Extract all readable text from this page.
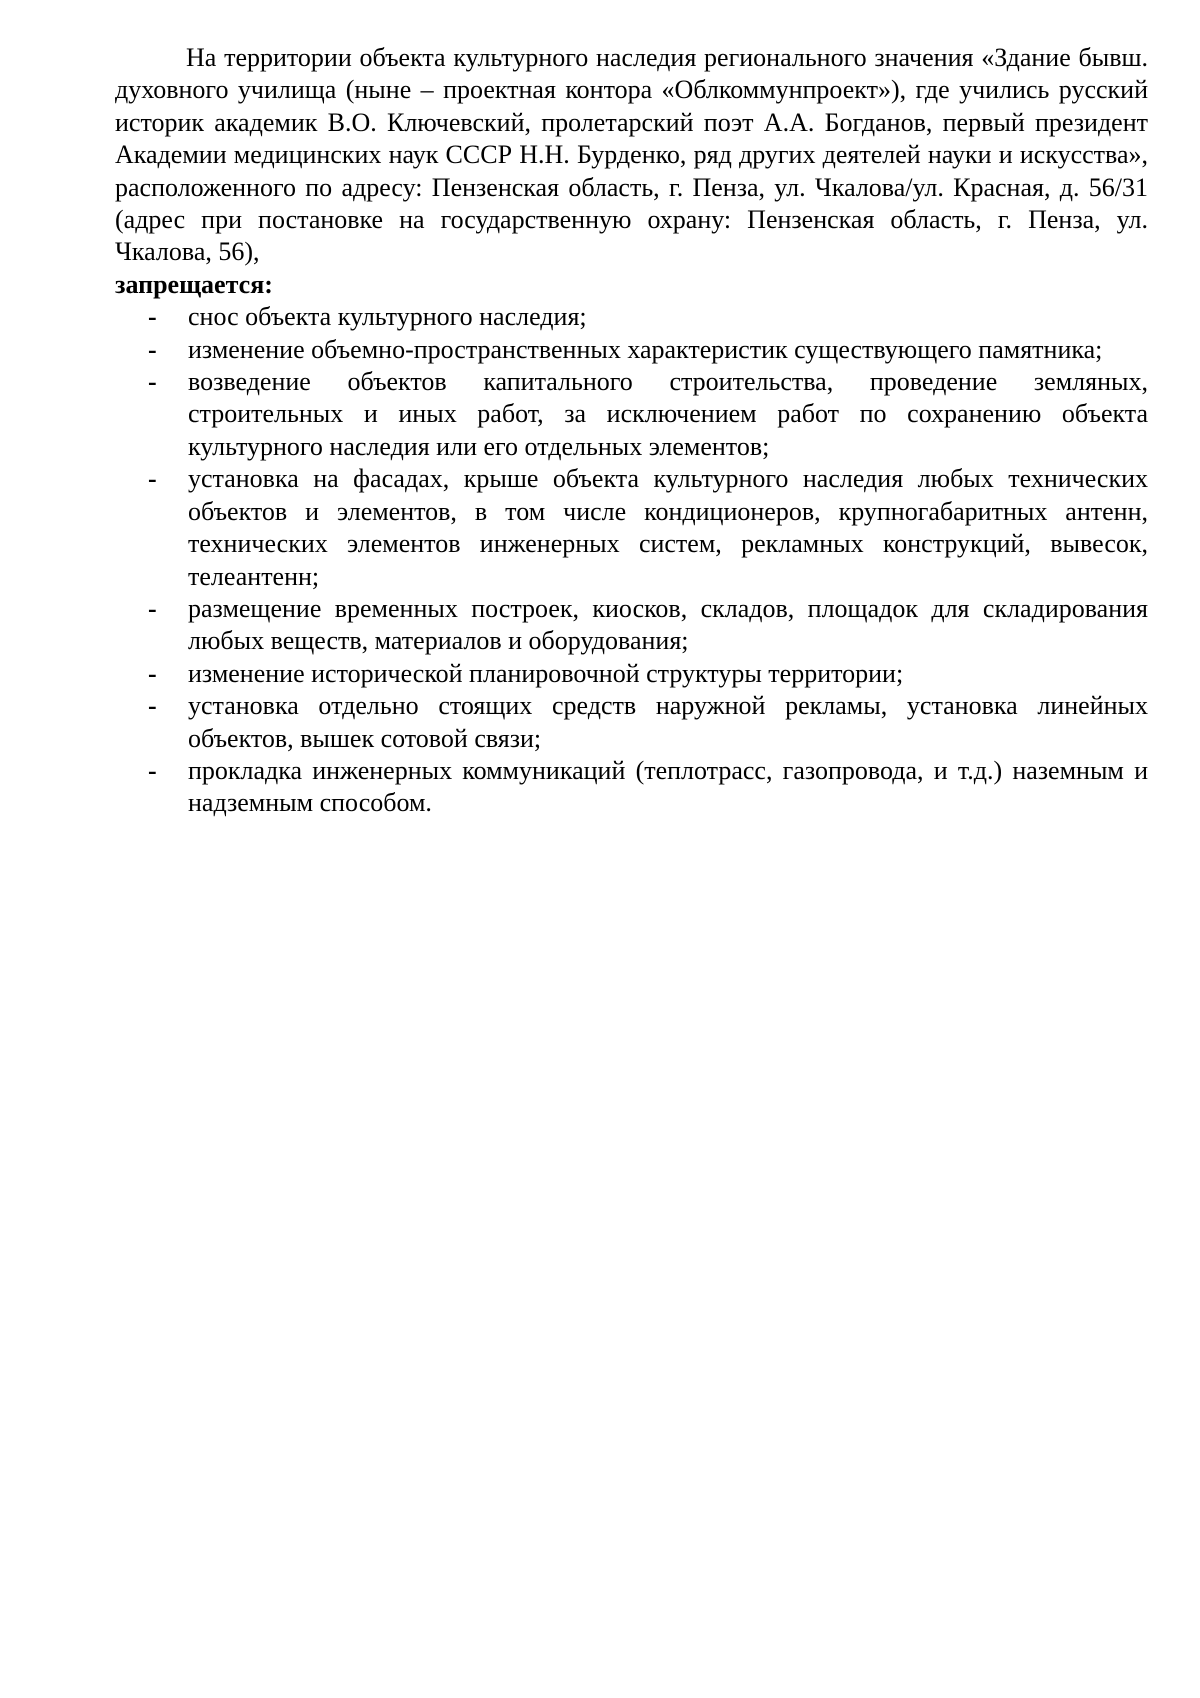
На территории объекта культурного наследия регионального значения «Здание бывш. духовного училища (ныне – проектная контора «Облкоммунпроект»), где учились русский историк академик В.О. Ключевский, пролетарский поэт А.А. Богданов, первый президент Академии медицинских наук СССР Н.Н. Бурденко, ряд других деятелей науки и искусства», расположенного по адресу: Пензенская область, г. Пенза, ул. Чкалова/ул. Красная, д. 56/31 (адрес при постановке на государственную охрану: Пензенская область, г. Пенза, ул. Чкалова, 56),

запрещается:

- снос объекта культурного наследия;
- изменение объемно-пространственных характеристик существующего памятника;
- возведение объектов капитального строительства, проведение земляных, строительных и иных работ, за исключением работ по сохранению объекта культурного наследия или его отдельных элементов;
- установка на фасадах, крыше объекта культурного наследия любых технических объектов и элементов, в том числе кондиционеров, крупногабаритных антенн, технических элементов инженерных систем, рекламных конструкций, вывесок, телеантенн;
- размещение временных построек, киосков, складов, площадок для складирования любых веществ, материалов и оборудования;
- изменение исторической планировочной структуры территории;
- установка отдельно стоящих средств наружной рекламы, установка линейных объектов, вышек сотовой связи;
- прокладка инженерных коммуникаций (теплотрасс, газопровода, и т.д.) наземным и надземным способом.
